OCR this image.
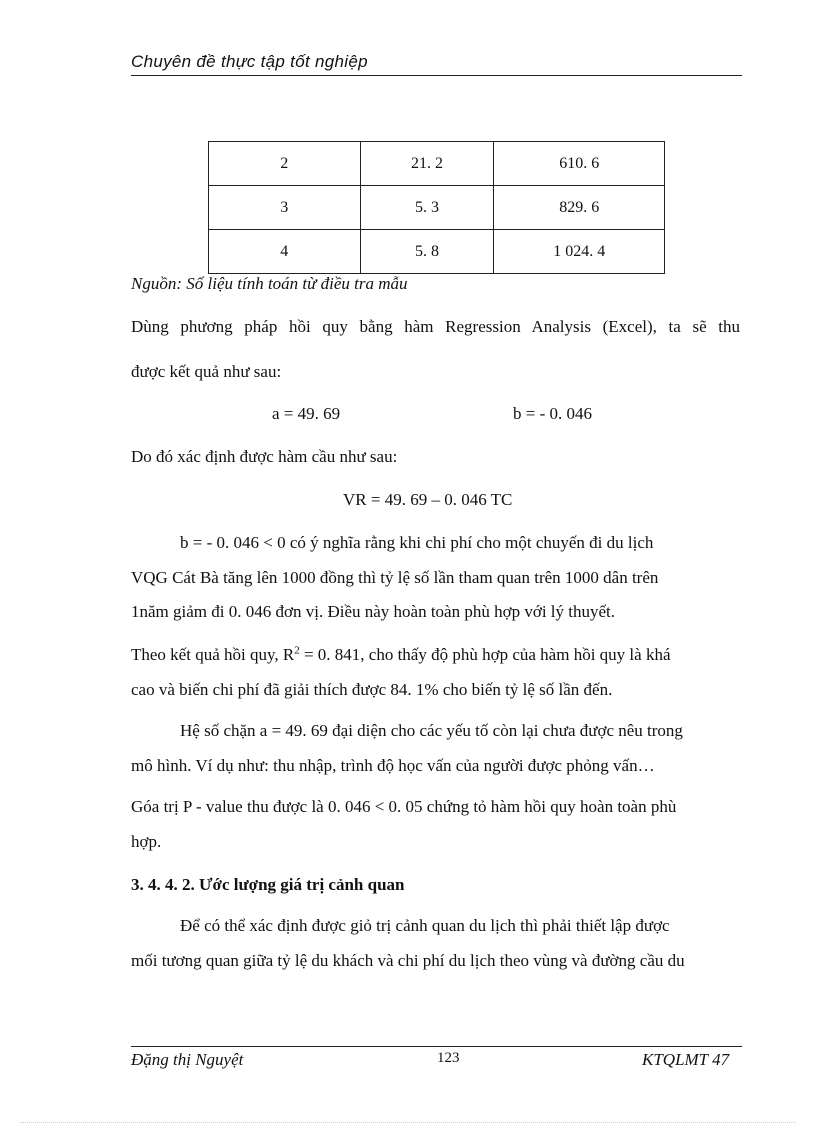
Chuyên đề thực tập tốt nghiệp
2	21. 2	610. 6
3	5. 3	829. 6
4	5. 8	1 024. 4
Nguồn: Số liệu tính toán từ điều tra mẫu
Dùng phương pháp hồi quy bằng hàm Regression Analysis (Excel), ta sẽ thu
được kết quả như sau:
a = 49. 69	b = - 0. 046
Do đó xác định được hàm cầu như sau:
VR = 49. 69 – 0. 046 TC
b = - 0. 046 < 0 có ý nghĩa rằng khi chi phí cho một chuyến đi du lịch
VQG Cát Bà tăng lên 1000 đồng thì tỷ lệ số lần tham quan trên 1000 dân trên
1năm giảm đi 0. 046 đơn vị. Điều này hoàn toàn phù hợp với lý thuyết.
Theo kết quả hồi quy, $R^2 = 0$. 841, cho thấy độ phù hợp của hàm hồi quy là khá
cao và biến chi phí đã giải thích được 84. 1% cho biến tỷ lệ số lần đến.
Hệ số chặn a = 49. 69 đại diện cho các yếu tố còn lại chưa được nêu trong
mô hình. Ví dụ như: thu nhập, trình độ học vấn của người được phỏng vấn…
Góa trị P - value thu được là 0. 046 < 0. 05 chứng tỏ hàm hồi quy hoàn toàn phù
hợp.
3. 4. 4. 2. Ước lượng giá trị cảnh quan
Để có thể xác định được giỏ trị cảnh quan du lịch thì phải thiết lập được
mối tương quan giữa tỷ lệ du khách và chi phí du lịch theo vùng và đường cầu du
Đặng thị Nguyệt	123	KTQLMT 47
